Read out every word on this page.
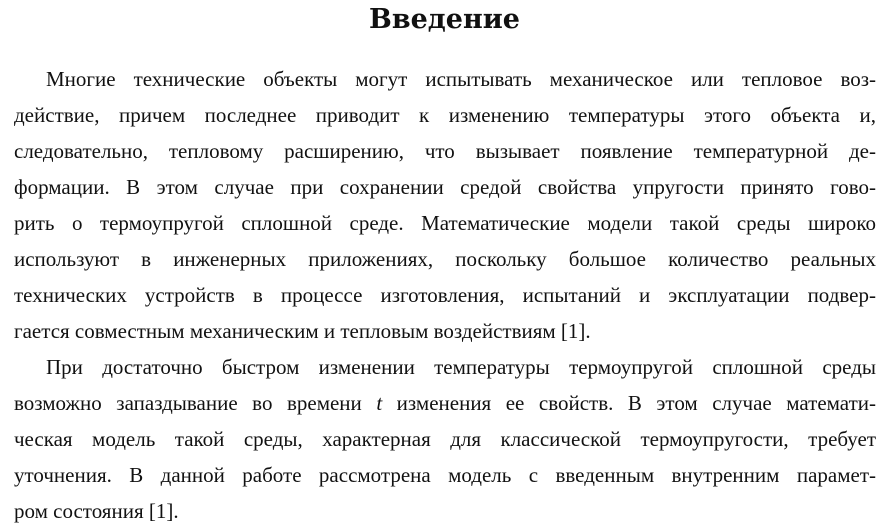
Введение
Многие технические объекты могут испытывать механическое или тепловое воз-
действие, причем последнее приводит к изменению температуры этого объекта и,
следовательно, тепловому расширению, что вызывает появление температурной де-
формации. В этом случае при сохранении средой свойства упругости принято гово-
рить о термоупругой сплошной среде. Математические модели такой среды широко
используют в инженерных приложениях, поскольку большое количество реальных
технических устройств в процессе изготовления, испытаний и эксплуатации подвер-
гается совместным механическим и тепловым воздействиям [1].
При достаточно быстром изменении температуры термоупругой сплошной среды
возможно запаздывание во времени t изменения ее свойств. В этом случае математи-
ческая модель такой среды, характерная для классической термоупругости, требует
уточнения. В данной работе рассмотрена модель с введенным внутренним парамет-
ром состояния [1].
